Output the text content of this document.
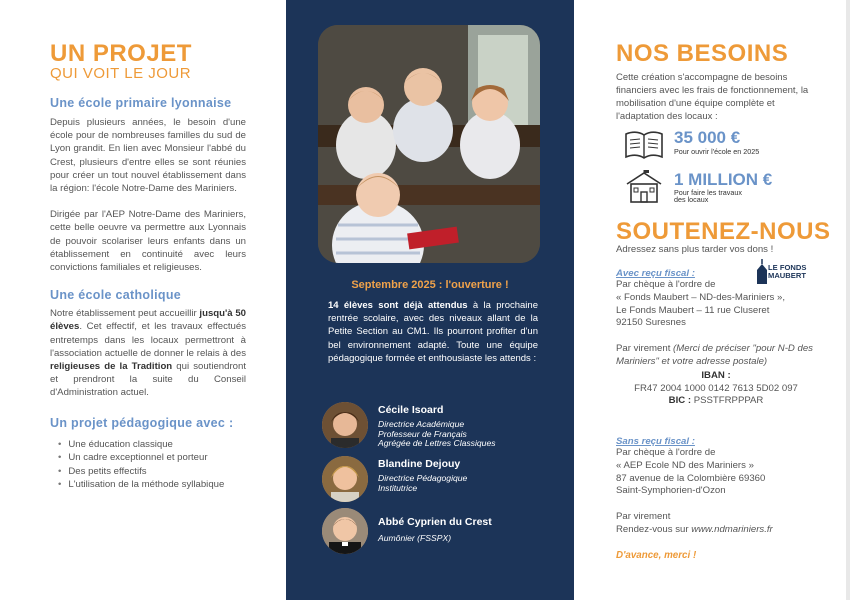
UN PROJET
QUI VOIT LE JOUR
Une école primaire lyonnaise

Depuis plusieurs années, le besoin d'une école pour de nombreuses familles du sud de Lyon grandit. En lien avec Monsieur l'abbé du Crest, plusieurs d'entre elles se sont réunies pour créer un tout nouvel établissement dans la région: l'école Notre-Dame des Mariniers.

Dirigée par l'AEP Notre-Dame des Mariniers, cette belle oeuvre va permettre aux Lyonnais de pouvoir scolariser leurs enfants dans un établissement en continuité avec leurs convictions familiales et religieuses.

Une école catholique

Notre établissement peut accueillir jusqu'à 50 élèves. Cet effectif, et les travaux effectués entretemps dans les locaux permettront à l'association actuelle de donner le relais à des religieuses de la Tradition qui soutiendront et prendront la suite du Conseil d'Administration actuel.

Un projet pédagogique avec :
• Une éducation classique
• Un cadre exceptionnel et porteur
• Des petits effectifs
• L'utilisation de la méthode syllabique
Septembre 2025 : l'ouverture !

14 élèves sont déjà attendus à la prochaine rentrée scolaire, avec des niveaux allant de la Petite Section au CM1. Ils pourront profiter d'un bel environnement adapté. Toute une équipe pédagogique formée et enthousiaste les attends :

Cécile Isoard
Directrice Académique
Professeur de Français
Agrégée de Lettres Classiques
Blandine Dejouy
Directrice Pédagogique
Institutrice
Abbé Cyprien du Crest
Aumônier (FSSPX)
NOS BESOINS

Cette création s'accompagne de besoins financiers avec les frais de fonctionnement, la mobilisation d'une équipe complète et l'adaptation des locaux :

35 000 €
Pour ouvrir l'école en 2025
1 MILLION €
Pour faire les travaux
des locaux
SOUTENEZ-NOUS
Adressez sans plus tarder vos dons !
LE FONDS
MAUBERT
Avec reçu fiscal :
Par chèque à l'ordre de
« Fonds Maubert – ND-des-Mariniers »,
Le Fonds Maubert – 11 rue Cluseret
92150 Suresnes
Par virement (Merci de préciser "pour N-D des Mariniers" et votre adresse postale)
IBAN :
FR47 2004 1000 0142 7613 5D02 097
BIC : PSSTFRPPPAR
Sans reçu fiscal :
Par chèque à l'ordre de
« AEP Ecole ND des Mariniers »
87 avenue de la Colombière 69360
Saint-Symphorien-d'Ozon
Par virement
Rendez-vous sur www.ndmariniers.fr
D'avance, merci !
